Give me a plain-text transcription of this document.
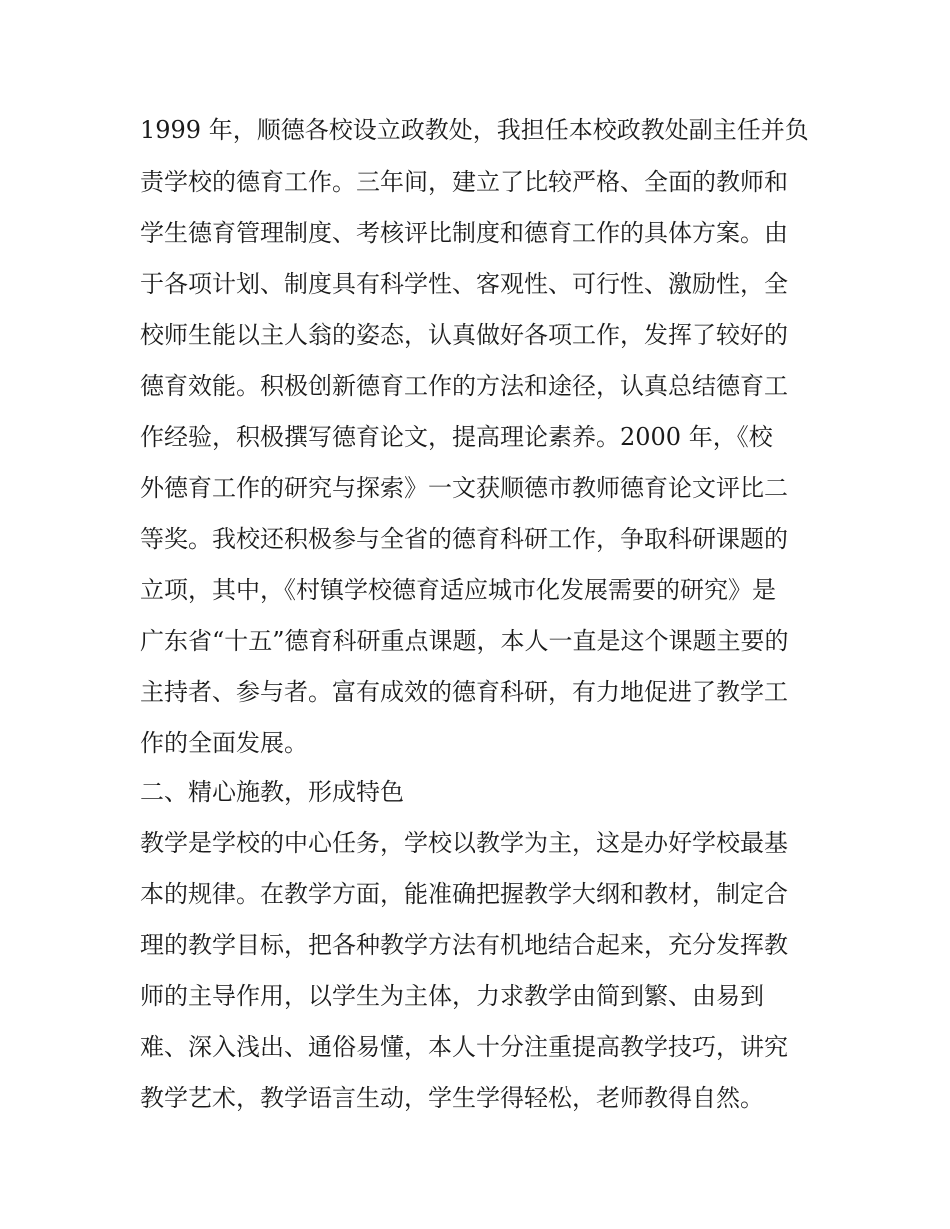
1999 年，顺德各校设立政教处，我担任本校政教处副主任并负
责学校的德育工作。三年间，建立了比较严格、全面的教师和
学生德育管理制度、考核评比制度和德育工作的具体方案。由
于各项计划、制度具有科学性、客观性、可行性、激励性，全
校师生能以主人翁的姿态，认真做好各项工作，发挥了较好的
德育效能。积极创新德育工作的方法和途径，认真总结德育工
作经验，积极撰写德育论文，提高理论素养。2000 年，《校
外德育工作的研究与探索》一文获顺德市教师德育论文评比二
等奖。我校还积极参与全省的德育科研工作，争取科研课题的
立项，其中，《村镇学校德育适应城市化发展需要的研究》是
广东省“十五”德育科研重点课题，本人一直是这个课题主要的
主持者、参与者。富有成效的德育科研，有力地促进了教学工
作的全面发展。
二、精心施教，形成特色
教学是学校的中心任务，学校以教学为主，这是办好学校最基
本的规律。在教学方面，能准确把握教学大纲和教材，制定合
理的教学目标，把各种教学方法有机地结合起来，充分发挥教
师的主导作用，以学生为主体，力求教学由简到繁、由易到
难、深入浅出、通俗易懂，本人十分注重提高教学技巧，讲究
教学艺术，教学语言生动，学生学得轻松，老师教得自然。
